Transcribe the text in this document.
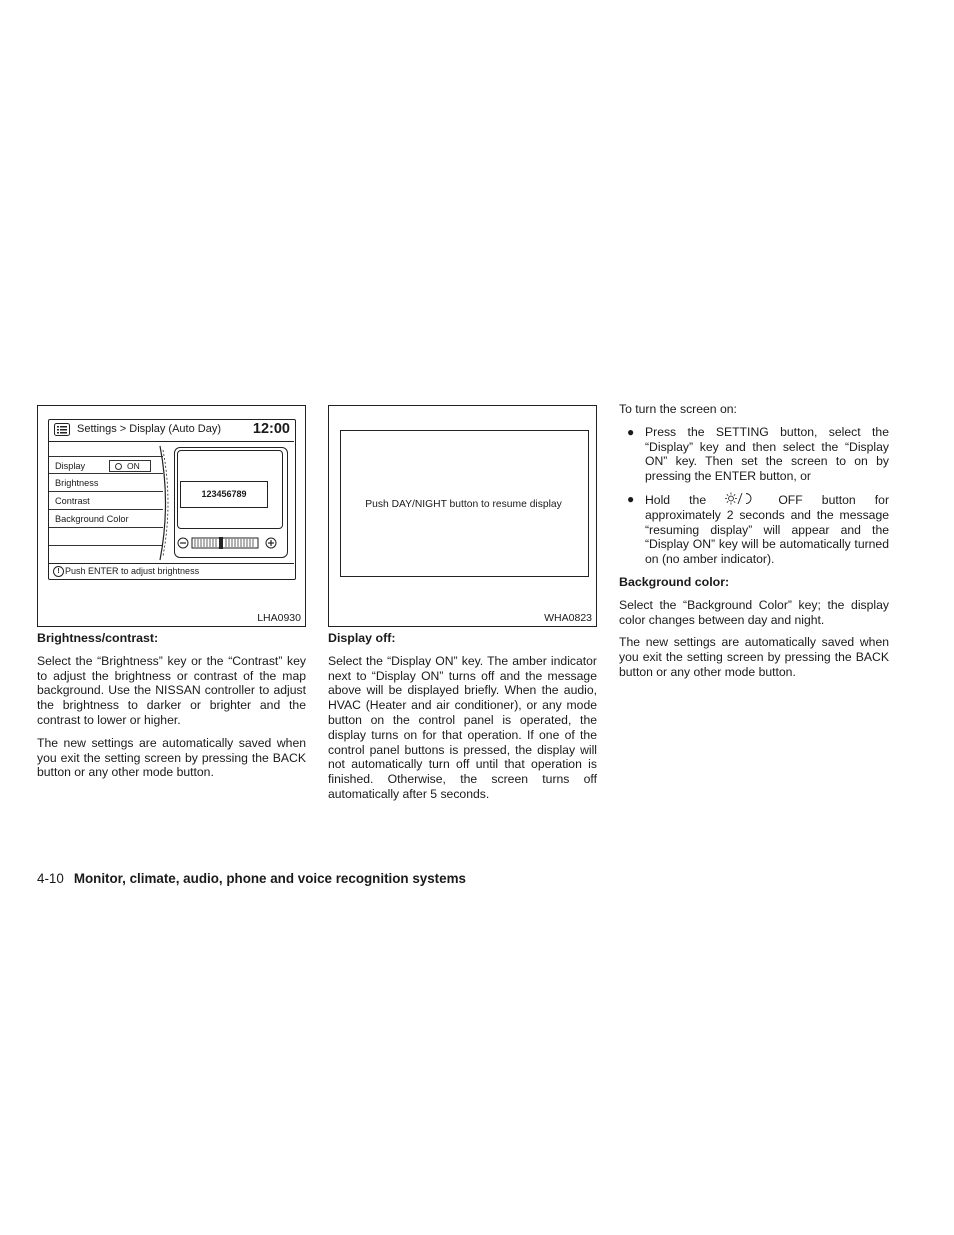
Settings > Display (Auto Day) 12:00
Display	ON
Brightness
Contrast
Background Color
123456789
! Push ENTER to adjust brightness
LHA0930
Push DAY/NIGHT button to resume display
WHA0823

Brightness/contrast:

Select the “Brightness” key or the “Contrast” key to adjust the brightness or contrast of the map background. Use the NISSAN controller to adjust the brightness to darker or brighter and the contrast to lower or higher.

The new settings are automatically saved when you exit the setting screen by pressing the BACK button or any other mode button.

Display off:

Select the “Display ON” key. The amber indicator next to “Display ON” turns off and the message above will be displayed briefly. When the audio, HVAC (Heater and air conditioner), or any mode button on the control panel is operated, the display turns on for that operation. If one of the control panel buttons is pressed, the display will not automatically turn off until that operation is finished. Otherwise, the screen turns off automatically after 5 seconds.

To turn the screen on:

● Press the SETTING button, select the “Display” key and then select the “Display ON” key. Then set the screen to on by pressing the ENTER button, or
● Hold the	OFF button for approximately 2 seconds and the message “resuming display” will appear and the “Display ON” key will be automatically turned on (no amber indicator).

Background color:

Select the “Background Color” key; the display color changes between day and night.

The new settings are automatically saved when you exit the setting screen by pressing the BACK button or any other mode button.

4-10 Monitor, climate, audio, phone and voice recognition systems
